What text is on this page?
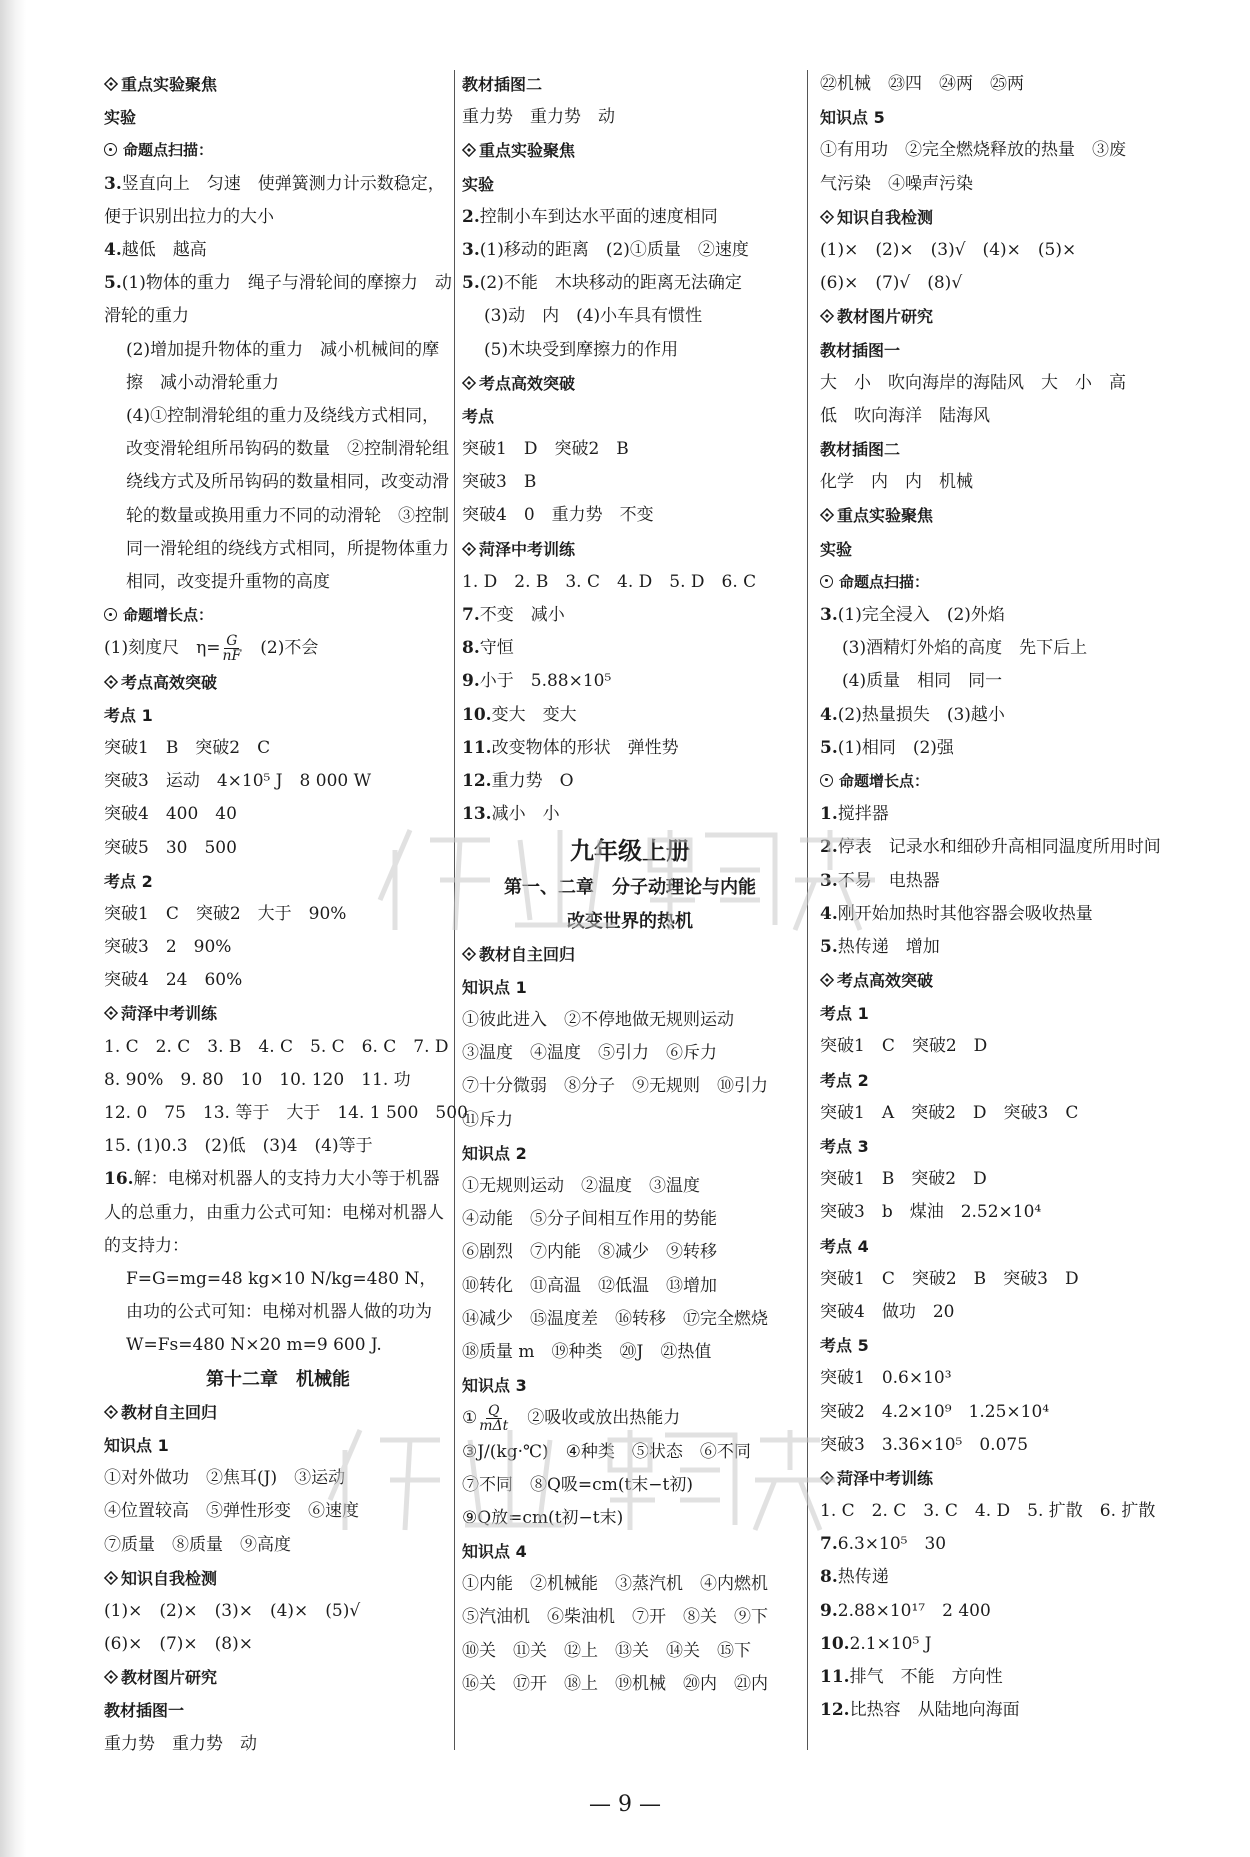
重点实验聚焦
实验
命题点扫描：
3.竖直向上　匀速　使弹簧测力计示数稳定，便于识别出拉力的大小
4.越低　越高
5.(1)物体的重力　绳子与滑轮间的摩擦力　动滑轮的重力
(2)增加提升物体的重力　减小机械间的摩擦　减小动滑轮重力
(4)①控制滑轮组的重力及绕线方式相同，改变滑轮组所吊钩码的数量　②控制滑轮组绕线方式及所吊钩码的数量相同，改变动滑轮的数量或换用重力不同的动滑轮　③控制同一滑轮组的绕线方式相同，所提物体重力相同，改变提升重物的高度
命题增长点：
(1)刻度尺　$\eta= \frac{G}{nF}$ 　(2)不会
考点高效突破
考点 1
突破1　B　突破2　C
突破3　运动　4×10⁵ J　8 000 W
突破4　400　40
突破5　30　500
考点 2
突破1　C　突破2　大于　90%
突破3　2　90%
突破4　24　60%
菏泽中考训练
1. C　2. C　3. B　4. C　5. C　6. C　7. D
8. 90%　9. 80　10　10. 120　11. 功
12. 0　75　13. 等于　大于　14. 1 500　500
15. (1)0.3　(2)低　(3)4　(4)等于
16.解：电梯对机器人的支持力大小等于机器人的总重力，由重力公式可知：电梯对机器人的支持力：
F=G=mg=48 kg×10 N/kg=480 N，
由功的公式可知：电梯对机器人做的功为 W=Fs=480 N×20 m=9 600 J.
第十二章　机械能
教材自主回归
知识点 1
①对外做功　②焦耳(J)　③运动
④位置较高　⑤弹性形变　⑥速度
⑦质量　⑧质量　⑨高度
知识自我检测
(1)×　(2)×　(3)×　(4)×　(5)√
(6)×　(7)×　(8)×
教材图片研究
教材插图一
重力势　重力势　动
教材插图二
重力势　重力势　动
重点实验聚焦
实验
2.控制小车到达水平面的速度相同
3.(1)移动的距离　(2)①质量　②速度
5.(2)不能　木块移动的距离无法确定
(3)动　内　(4)小车具有惯性
(5)木块受到摩擦力的作用
考点高效突破
考点
突破1　D　突破2　B
突破3　B
突破4　0　重力势　不变
菏泽中考训练
1. D　2. B　3. C　4. D　5. D　6. C
7.不变　减小
8.守恒
9.小于　5.88×10⁵
10.变大　变大
11.改变物体的形状　弹性势
12.重力势　O
13.减小　小
九年级上册
第一、二章　分子动理论与内能
改变世界的热机
教材自主回归
知识点 1
①彼此进入　②不停地做无规则运动
③温度　④温度　⑤引力　⑥斥力
⑦十分微弱　⑧分子　⑨无规则　⑩引力
⑪斥力
知识点 2
①无规则运动　②温度　③温度
④动能　⑤分子间相互作用的势能
⑥剧烈　⑦内能　⑧减少　⑨转移
⑩转化　⑪高温　⑫低温　⑬增加
⑭减少　⑮温度差　⑯转移　⑰完全燃烧
⑱质量 m　⑲种类　⑳J　㉑热值
知识点 3
① Q
mΔt 　②吸收或放出热能力
③J/(kg·℃)　④种类　⑤状态　⑥不同
⑦不同　⑧Q吸=cm(t末−t初)
⑨Q放=cm(t初−t末)
知识点 4
①内能　②机械能　③蒸汽机　④内燃机
⑤汽油机　⑥柴油机　⑦开　⑧关　⑨下
⑩关　⑪关　⑫上　⑬关　⑭关　⑮下
⑯关　⑰开　⑱上　⑲机械　⑳内　㉑内
㉒机械　㉓四　㉔两　㉕两
知识点 5
①有用功　②完全燃烧释放的热量　③废
气污染　④噪声污染
知识自我检测
(1)×　(2)×　(3)√　(4)×　(5)×
(6)×　(7)√　(8)√
教材图片研究
教材插图一
大　小　吹向海岸的海陆风　大　小　高
低　吹向海洋　陆海风
教材插图二
化学　内　内　机械
重点实验聚焦
实验
命题点扫描：
3.(1)完全浸入　(2)外焰
(3)酒精灯外焰的高度　先下后上
(4)质量　相同　同一
4.(2)热量损失　(3)越小
5.(1)相同　(2)强
命题增长点：
1.搅拌器
2.停表　记录水和细砂升高相同温度所用时间
3.不易　电热器
4.刚开始加热时其他容器会吸收热量
5.热传递　增加
考点高效突破
考点 1
突破1　C　突破2　D
考点 2
突破1　A　突破2　D　突破3　C
考点 3
突破1　B　突破2　D
突破3　b　煤油　2.52×10⁴
考点 4
突破1　C　突破2　B　突破3　D
突破4　做功　20
考点 5
突破1　0.6×10³
突破2　4.2×10⁹　1.25×10⁴
突破3　3.36×10⁵　0.075
菏泽中考训练
1. C　2. C　3. C　4. D　5. 扩散　6. 扩散
7.6.3×10⁵　30
8.热传递
9.2.88×10¹⁷　2 400
10.2.1×10⁵ J
11.排气　不能　方向性
12.比热容　从陆地向海面
— 9 —
